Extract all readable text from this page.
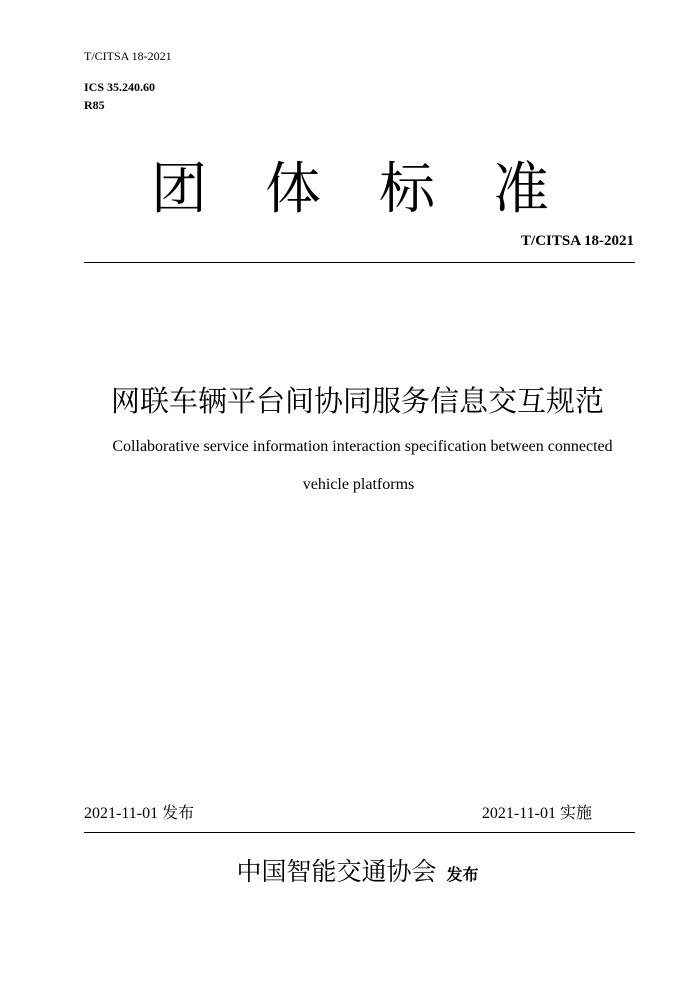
T/CITSA 18-2021
ICS 35.240.60
R85
团体标准
T/CITSA 18-2021
网联车辆平台间协同服务信息交互规范
Collaborative service information interaction specification between connected
vehicle platforms
2021-11-01 发布	2021-11-01 实施
中国智能交通协会 发布
